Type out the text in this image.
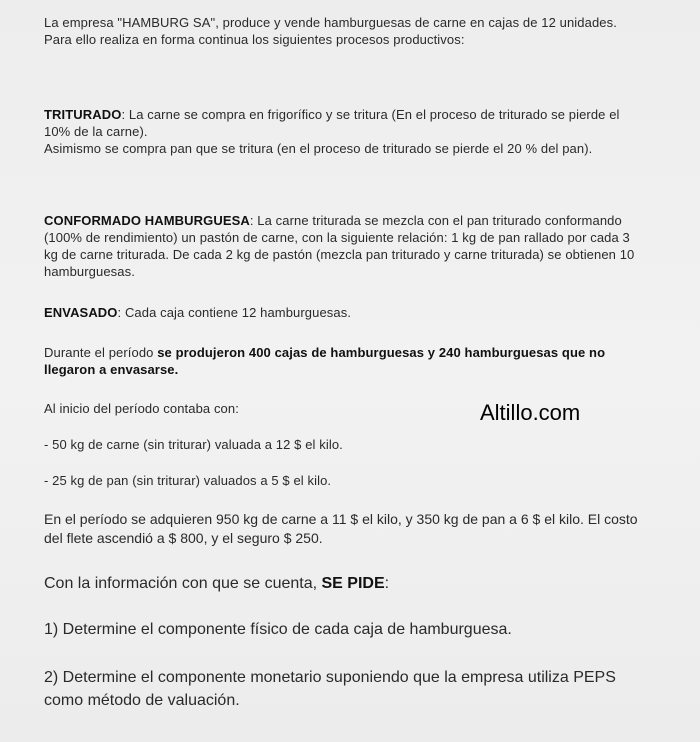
La empresa "HAMBURG SA", produce y vende hamburguesas de carne en cajas de 12 unidades. Para ello realiza en forma continua los siguientes procesos productivos:

TRITURADO: La carne se compra en frigorífico y se tritura (En el proceso de triturado se pierde el 10% de la carne).

Asimismo se compra pan que se tritura (en el proceso de triturado se pierde el 20 % del pan).

CONFORMADO HAMBURGUESA: La carne triturada se mezcla con el pan triturado conformando (100% de rendimiento) un pastón de carne, con la siguiente relación: 1 kg de pan rallado por cada 3 kg de carne triturada. De cada 2 kg de pastón (mezcla pan triturado y carne triturada) se obtienen 10 hamburguesas.

ENVASADO: Cada caja contiene 12 hamburguesas.

Durante el período se produjeron 400 cajas de hamburguesas y 240 hamburguesas que no llegaron a envasarse.

Al inicio del período contaba con:

- 50 kg de carne (sin triturar) valuada a 12 $ el kilo.

- 25 kg de pan (sin triturar) valuados a 5 $ el kilo.

En el período se adquieren 950 kg de carne a 11 $ el kilo, y 350 kg de pan a 6 $ el kilo. El costo del flete ascendió a $ 800, y el seguro $ 250.

Con la información con que se cuenta, SE PIDE:

1) Determine el componente físico de cada caja de hamburguesa.

2) Determine el componente monetario suponiendo que la empresa utiliza PEPS como método de valuación.

Altillo.com
